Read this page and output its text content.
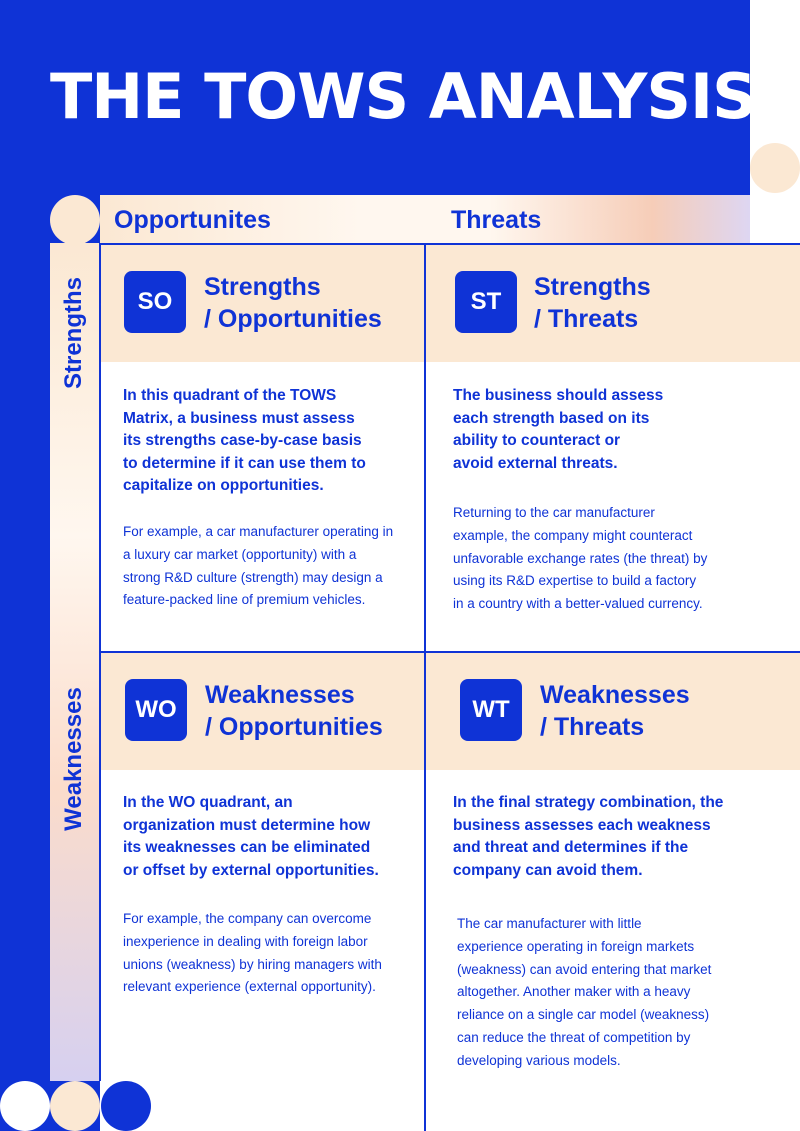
THE TOWS ANALYSIS
Opportunites	Threats
Strengths
Weaknesses
SO
Strengths
/ Opportunities
In this quadrant of the TOWS
Matrix, a business must assess
its strengths case-by-case basis
to determine if it can use them to
capitalize on opportunities.
For example, a car manufacturer operating in
a luxury car market (opportunity) with a
strong R&D culture (strength) may design a
feature-packed line of premium vehicles.
ST
Strengths
/ Threats
The business should assess
each strength based on its
ability to counteract or
avoid external threats.
Returning to the car manufacturer
example, the company might counteract
unfavorable exchange rates (the threat) by
using its R&D expertise to build a factory
in a country with a better-valued currency.
WO
Weaknesses
/ Opportunities
In the WO quadrant, an
organization must determine how
its weaknesses can be eliminated
or offset by external opportunities.
For example, the company can overcome
inexperience in dealing with foreign labor
unions (weakness) by hiring managers with
relevant experience (external opportunity).
WT
Weaknesses
/ Threats
In the final strategy combination, the
business assesses each weakness
and threat and determines if the
company can avoid them.
The car manufacturer with little
experience operating in foreign markets
(weakness) can avoid entering that market
altogether. Another maker with a heavy
reliance on a single car model (weakness)
can reduce the threat of competition by
developing various models.
